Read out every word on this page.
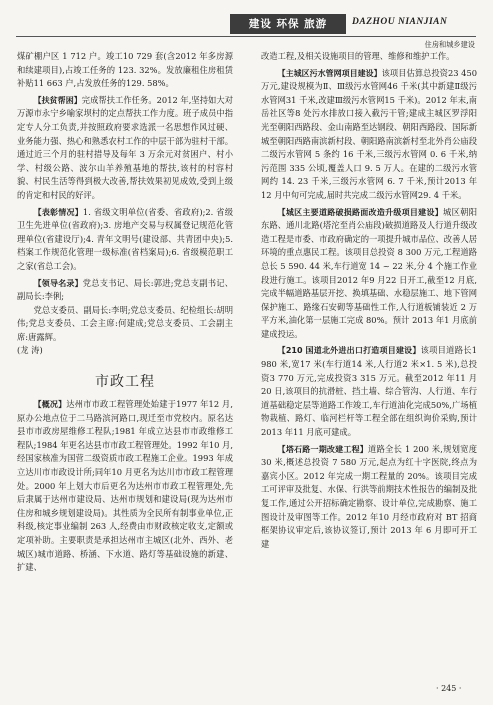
建设 环保 旅游	DAZHOU NIANJIAN
住房和城乡建设

煤矿棚户区 1 712 户。竣工10 729 套(含2012 年多房源和续建项目),占竣工任务的 123. 32%。发放廉租住房租赁补贴11 663 户,占发放任务的129. 58%。

【扶贫帮困】完成帮扶工作任务。2012 年,坚持如大对万源市永宁乡喻家坝村的定点帮扶工作力度。班子成员中指定专人分工负责,并按照政府要求选派一名思想作风过硬、业务能力强、热心和熟悉农村工作的中层干部为驻村干部。通过近三个月的驻村措导及每年 3 万余元对贫困户、村小学、村级公路、波尔山羊养殖基地的帮扶,该村的村容村貌、村民生活等得到极大改善,帮扶效果初见成效,受到上级的肯定和村民的好评。

【表彰情况】1. 省级文明单位(省委、省政府);2. 省级卫生先进单位(省政府);3. 房地产交易与权属登记规范化管理单位(省建设厅);4. 青年文明号(建设部、共青团中央);5. 档案工作规范化管理一级标准(省档案局);6. 省级模范职工之家(省总工会)。

【领导名录】党总支书记、局长:郭进;党总支副书记、副局长:李俐;

党总支委员、副局长:李明;党总支委员、纪检组长:胡明伟;党总支委员、工会主席:何建成;党总支委员、工会副主席:唐露辉。

(龙 涛)

市政工程

【概况】达州市市政工程管理处始建于1977 年12 月,原办公地点位于二马路滨河路口,现迁至市党校内。原名达县市市政房屋维修工程队;1981 年成立达县市市政维修工程队;1984 年更名达县市市政工程管理处。1992 年10 月,经国家核准为国营二级资质市政工程施工企业。1993 年成立达川市市政设计所;同年10 月更名为达川市市政工程管理处。2000 年上划大市后更名为达州市市政工程管理处,先后隶属于达州市建设局、达州市规划和建设局(现为达州市住房和城乡规划建设局)。其性质为全民所有制事业单位,正科级,核定事业编制 263 人,经费由市财政核定收支,定额或定项补助。主要职责是承担达州市主城区(北外、西外、老城区)城市道路、桥涵、下水道、路灯等基础设施的新建、扩建、

改造工程,及相关设施项目的管理、维修和维护工作。

【主城区污水管网项目建设】该项目估算总投资23 450 万元,建设规模为Ⅱ、Ⅲ级污水管网46 千米(其中新建Ⅱ级污水管网31 千米,改建Ⅲ级污水管网15 千米)。2012 年末,南岳社区等8 处污水排放口接入截污干管;建成主城区罗浮阳光至朝阳西路段、金山南路至达钢段、朝阳西路段、国际新城至朝阳西路南滨新村段、朝阳路南滨新村至北外肖公庙段二级污水管网 5 条约 16 千米,三级污水管网 0. 6 千米,纳污范围 335 公顷,覆盖人口 9. 5 万人。在建的二级污水管网约 14. 23 千米,三级污水管网 6. 7 千米,预计2013 年12 月中旬可完成,届时共完成二级污水管网29. 4 千米。

【城区主要道路破损路面改造升级项目建设】城区朝阳东路、通川北路(塔沱至肖公庙段)破损道路及人行道升级改造工程是市委、市政府确定的一项提升城市品位、改善人居环境的重点惠民工程。该项目总投资 8 300 万元,工程道路总长 5 590. 44 米,车行道宽 14 ~ 22 米,分 4 个施工作业段进行施工。该项目2012 年9 月22 日开工,截至12 月底,完成半幅道路基层开挖、换填基础、水稳层施工、地下管网保护施工、路缘石安砌等基础性工作,人行道板铺装近 2 万平方米,油化第一层施工完成 80%。预计 2013 年1 月底前建成投运。

【210 国道北外进出口打造项目建设】该项目道路长1 980 米,宽17 米(车行道14 米,人行道2 米×1. 5 米),总投资3 770 万元,完成投资3 315 万元。截至2012 年11 月20 日,该项目的抗滑桩、挡土墙、综合管沟、人行道、车行道基础稳定层等道路工作竣工,车行道油化完成50%,广场植物栽植、路灯、临河栏杆等工程全部在组织询价采购,预计2013 年11 月底可建成。

【塔石路一期改建工程】道路全长 1 200 米,规划宽度 30 米,概述总投资 7 580 万元,起点为红十字医院,终点为嘉宾小区。2012 年完成一期工程量的 20%。该项目完成工可评审及批复、水保、行洪等前期技术性报告的编制及批复工作,通过公开招标确定勘察、设计单位,完成勘察、施工图设计及审图等工作。2012 年10 月经市政府对 BT 招商框架协议审定后,该协议签订,预计 2013 年 6 月即可开工建

· 245 ·
